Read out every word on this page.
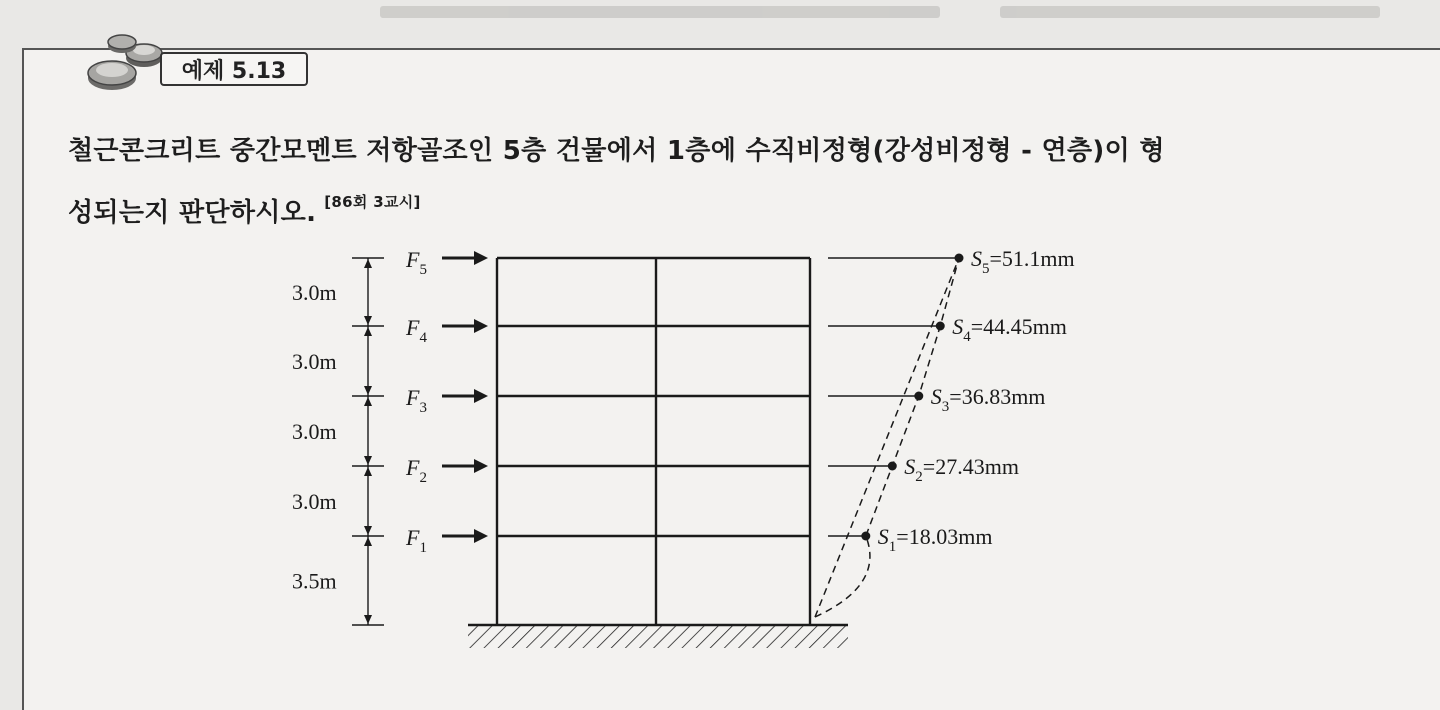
예제 5.13
철근콘크리트 중간모멘트 저항골조인 5층 건물에서 1층에 수직비정형(강성비정형 - 연층)이 형
성되는지 판단하시오. [86회 3교시]
3.0m
3.0m
3.0m
3.0m
3.5m
$F_5$
$F_4$
$F_3$
$F_2$
$F_1$	$S_1=18.03mm$
$S_2=27.43mm$
$S_3=36.83mm$
$S_4=44.45mm$
$S_5=51.1mm$
